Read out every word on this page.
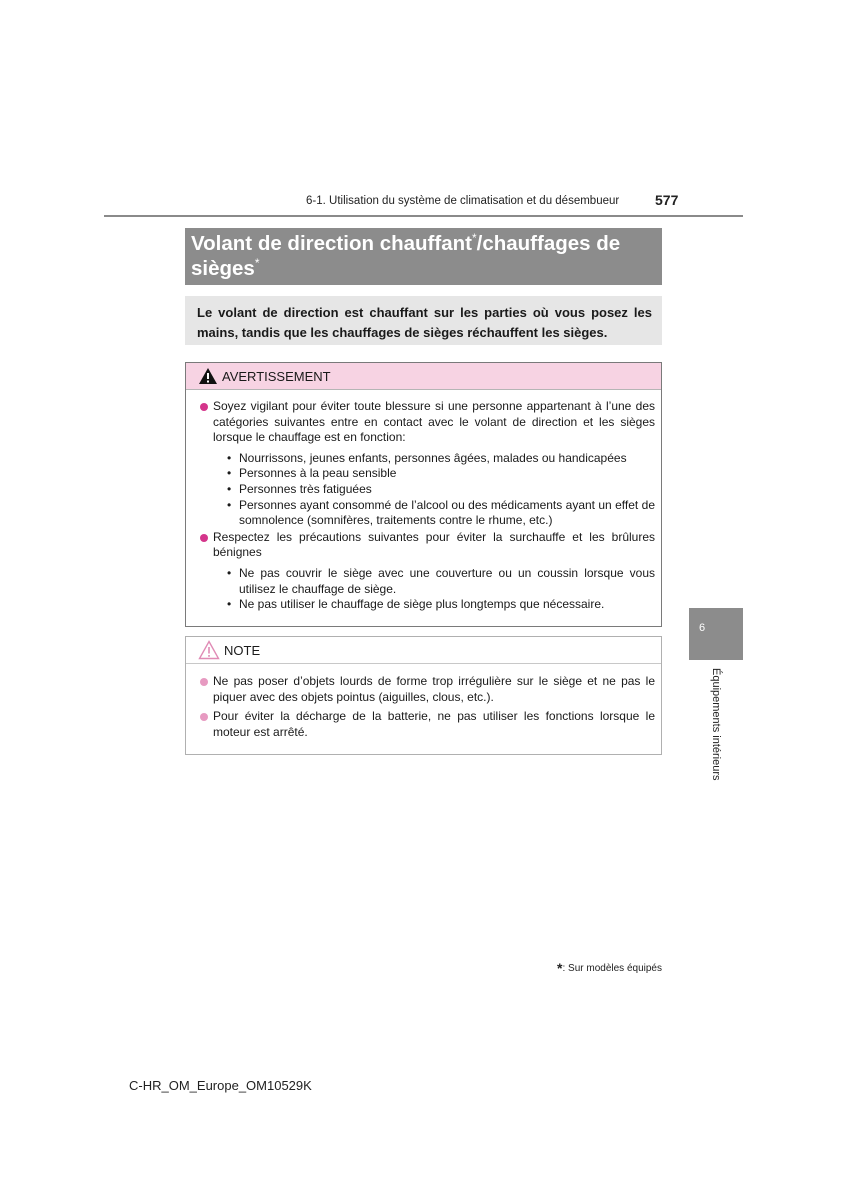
6-1. Utilisation du système de climatisation et du désembueur	577
Volant de direction chauffant*/chauffages de sièges*
Le volant de direction est chauffant sur les parties où vous posez les mains, tandis que les chauffages de sièges réchauffent les sièges.
AVERTISSEMENT
Soyez vigilant pour éviter toute blessure si une personne appartenant à l’une des catégories suivantes entre en contact avec le volant de direction et les sièges lorsque le chauffage est en fonction:
• Nourrissons, jeunes enfants, personnes âgées, malades ou handicapées
• Personnes à la peau sensible
• Personnes très fatiguées
• Personnes ayant consommé de l’alcool ou des médicaments ayant un effet de somnolence (somnifères, traitements contre le rhume, etc.)
Respectez les précautions suivantes pour éviter la surchauffe et les brûlures bénignes
• Ne pas couvrir le siège avec une couverture ou un coussin lorsque vous utilisez le chauffage de siège.
• Ne pas utiliser le chauffage de siège plus longtemps que nécessaire.
NOTE
Ne pas poser d’objets lourds de forme trop irrégulière sur le siège et ne pas le piquer avec des objets pointus (aiguilles, clous, etc.).
Pour éviter la décharge de la batterie, ne pas utiliser les fonctions lorsque le moteur est arrêté.
6
Équipements intérieurs
*: Sur modèles équipés
C-HR_OM_Europe_OM10529K
